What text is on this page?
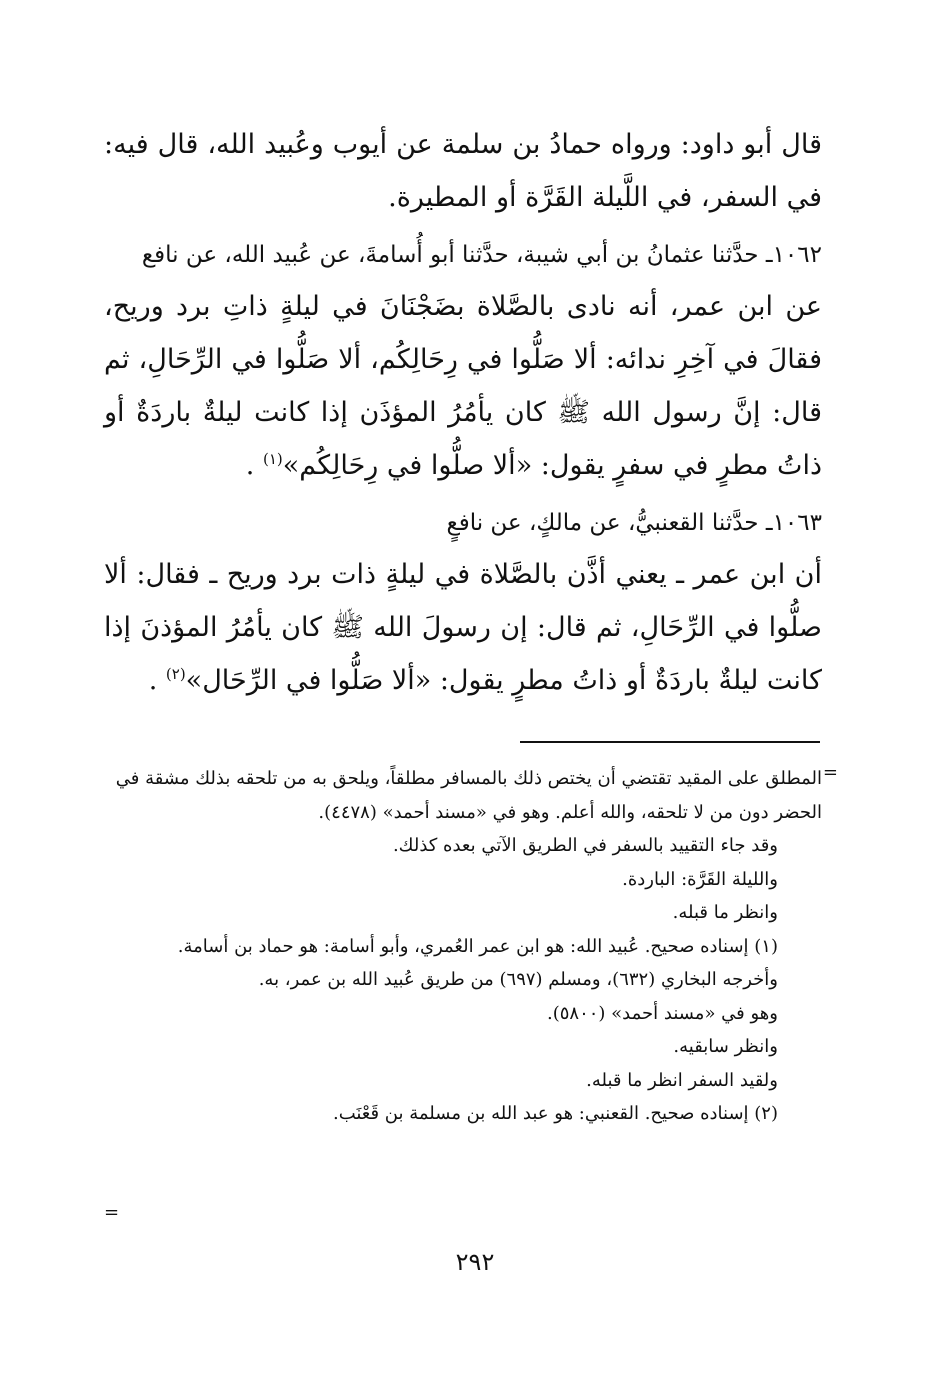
قال أبو داود: ورواه حمادُ بن سلمة عن أيوب وعُبيد الله، قال فيه: في السفر، في اللَّيلة القَرَّة أو المطيرة.

١٠٦٢ـ حدَّثنا عثمانُ بن أبي شيبة، حدَّثنا أبو أُسامةَ، عن عُبيد الله، عن نافع

عن ابن عمر، أنه نادى بالصَّلاة بضَجْنَانَ في ليلةٍ ذاتِ برد وريح، فقالَ في آخِرِ ندائه: ألا صَلُّوا في رِحَالِكُم، ألا صَلُّوا في الرِّحَالِ، ثم قال: إنَّ رسول الله ﷺ كان يأمُرُ المؤذَن إذا كانت ليلةٌ باردَةٌ أو ذاتُ مطرٍ في سفرٍ يقول: «ألا صلُّوا في رِحَالِكُم»$^{(١)}$ .

١٠٦٣ـ حدَّثنا القعنبيُّ، عن مالكٍ، عن نافعٍ

أن ابن عمر ـ يعني أذَّن بالصَّلاة في ليلةٍ ذات برد وريح ـ فقال: ألا صلُّوا في الرِّحَالِ، ثم قال: إن رسولَ الله ﷺ كان يأمُرُ المؤذنَ إذا كانت ليلةٌ باردَةٌ أو ذاتُ مطرٍ يقول: «ألا صَلُّوا في الرِّحَال»$^{(٢)}$ .

=

المطلق على المقيد تقتضي أن يختص ذلك بالمسافر مطلقاً، ويلحق به من تلحقه بذلك مشقة في الحضر دون من لا تلحقه، والله أعلم. وهو في «مسند أحمد» (٤٤٧٨).

وقد جاء التقييد بالسفر في الطريق الآتي بعده كذلك.

والليلة القَرَّة: الباردة.

وانظر ما قبله.

(١) إسناده صحيح. عُبيد الله: هو ابن عمر العُمري، وأبو أسامة: هو حماد بن أسامة.

وأخرجه البخاري (٦٣٢)، ومسلم (٦٩٧) من طريق عُبيد الله بن عمر، به.

وهو في «مسند أحمد» (٥٨٠٠).

وانظر سابقيه.

ولقيد السفر انظر ما قبله.

(٢) إسناده صحيح. القعنبي: هو عبد الله بن مسلمة بن قَعْنَب.

=
٢٩٢
